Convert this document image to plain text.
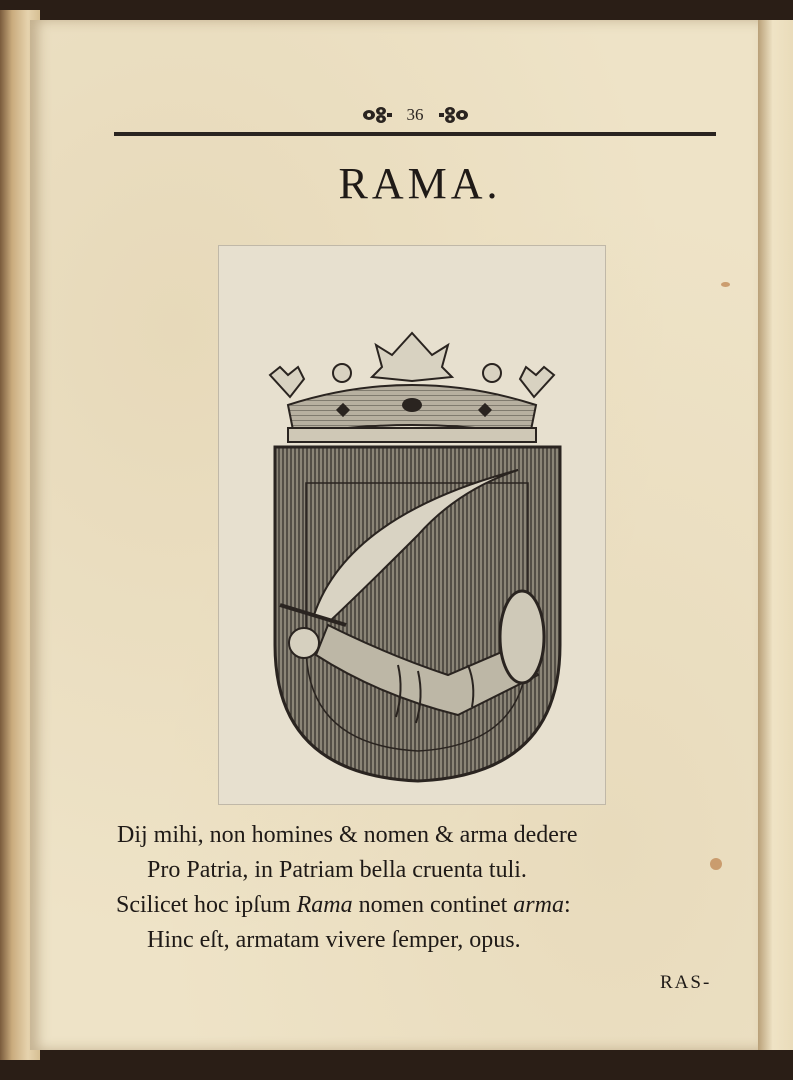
36
RAMA.
Dij mihi, non homines & nomen & arma dedere
Pro Patria, in Patriam bella cruenta tuli.
Scilicet hoc ipſum Rama nomen continet arma:
Hinc eſt, armatam vivere ſemper, opus.
RAS-
